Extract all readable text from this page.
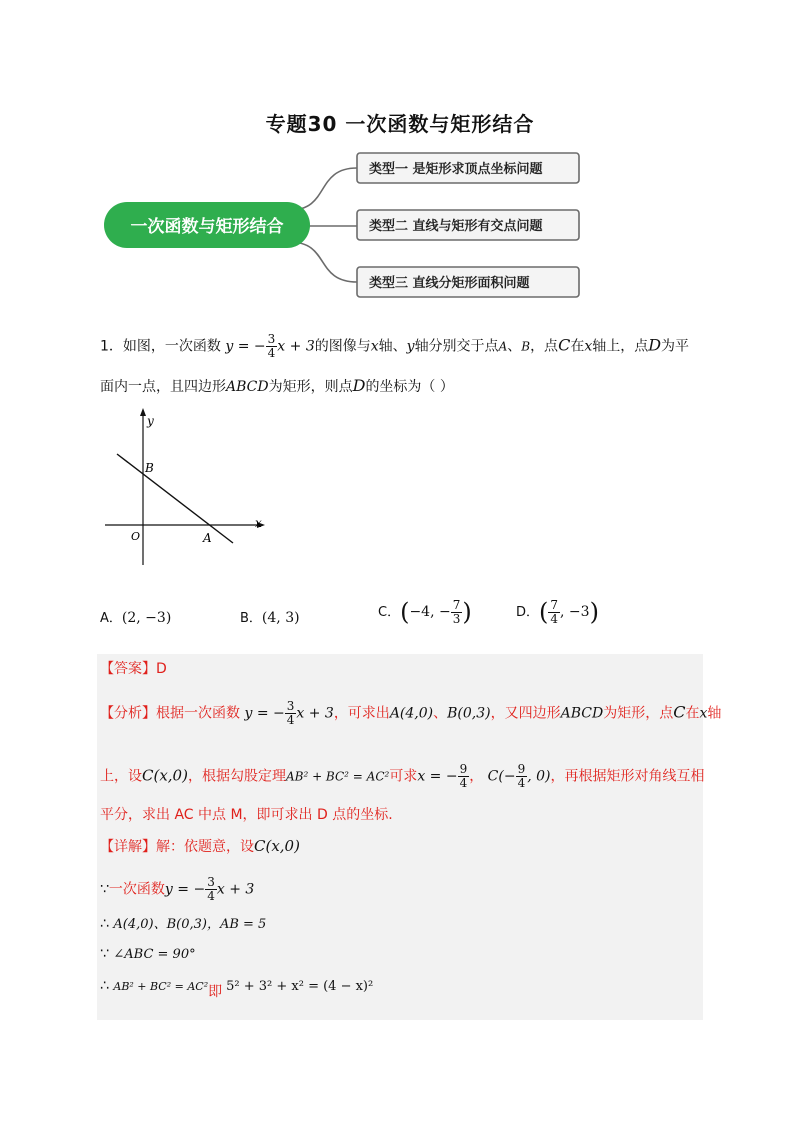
专题30 一次函数与矩形结合
一次函数与矩形结合
类型一 是矩形求顶点坐标问题
类型二 直线与矩形有交点问题
类型三 直线分矩形面积问题
1．如图，一次函数 y = − $\frac{3}{4}$ x + 3的图像与x轴、y轴分别交于点A、B，点C在x轴上，点D为平
面内一点，且四边形ABCD为矩形，则点D的坐标为（ ）
y
x
O
B
A
A．(2, −3)	B．(4, 3)	C．(−4, − $\frac{7}{3}$ )	D．( $\frac{7}{4}$ , −3)
【答案】D
【分析】根据一次函数 y = − $\frac{3}{4}$ x + 3，可求出A(4,0)、B(0,3)，又四边形ABCD为矩形，点C在x轴
上，设C(x,0)，根据勾股定理AB² + BC² = AC²可求x = − $\frac{9}{4}$ ， $C(- \frac{9}{4}$ , 0)，再根据矩形对角线互相
平分，求出 AC 中点 M，即可求出 D 点的坐标.
【详解】解：依题意，设C(x,0)
∵一次函数y = − $\frac{3}{4}$ x + 3
∴ A(4,0)、B(0,3)，AB = 5
∵ ∠ABC = 90°
∴ AB² + BC² = AC²即 5² + 3² + x² = (4 − x)²
